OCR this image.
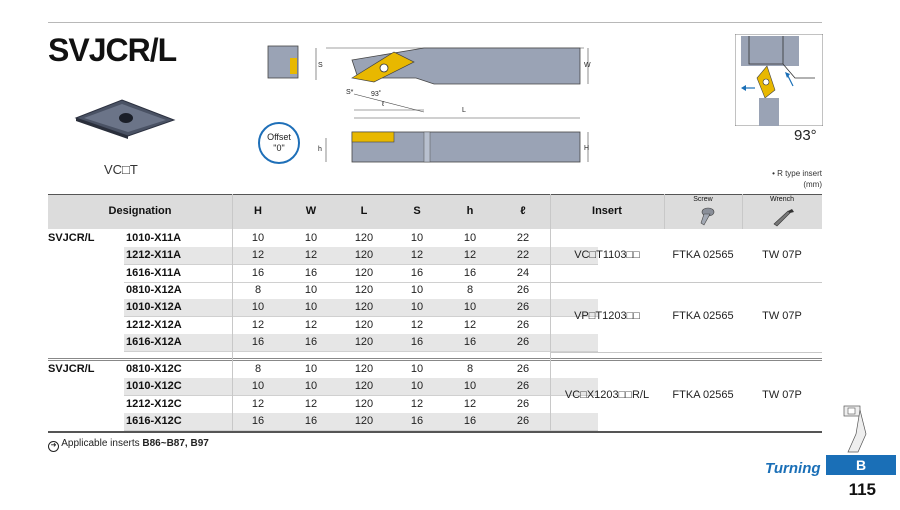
SVJCR/L
VC□T
Offset
"0"
S	W
S*	93˚
ℓ
L
h	H
93°
• R type insert
(mm)
Designation	H	W	L	S	h	ℓ	Insert
Screw	Wrench
SVJCR/L	1010-X11A	10	10	120	10	10	22
1212-X11A	12	12	120	12	12	22
1616-X11A	16	16	120	16	16	24
VC□T1103□□	FTKA 02565	TW 07P
0810-X12A	8	10	120	10	8	26
1010-X12A	10	10	120	10	10	26
1212-X12A	12	12	120	12	12	26
1616-X12A	16	16	120	16	16	26
VP□T1203□□	FTKA 02565	TW 07P
SVJCR/L	0810-X12C	8	10	120	10	8	26
1010-X12C	10	10	120	10	10	26
1212-X12C	12	12	120	12	12	26
1616-X12C	16	16	120	16	16	26
VC□X1203□□R/L	FTKA 02565	TW 07P
➜ Applicable inserts B86~B87, B97
Turning	B
115
